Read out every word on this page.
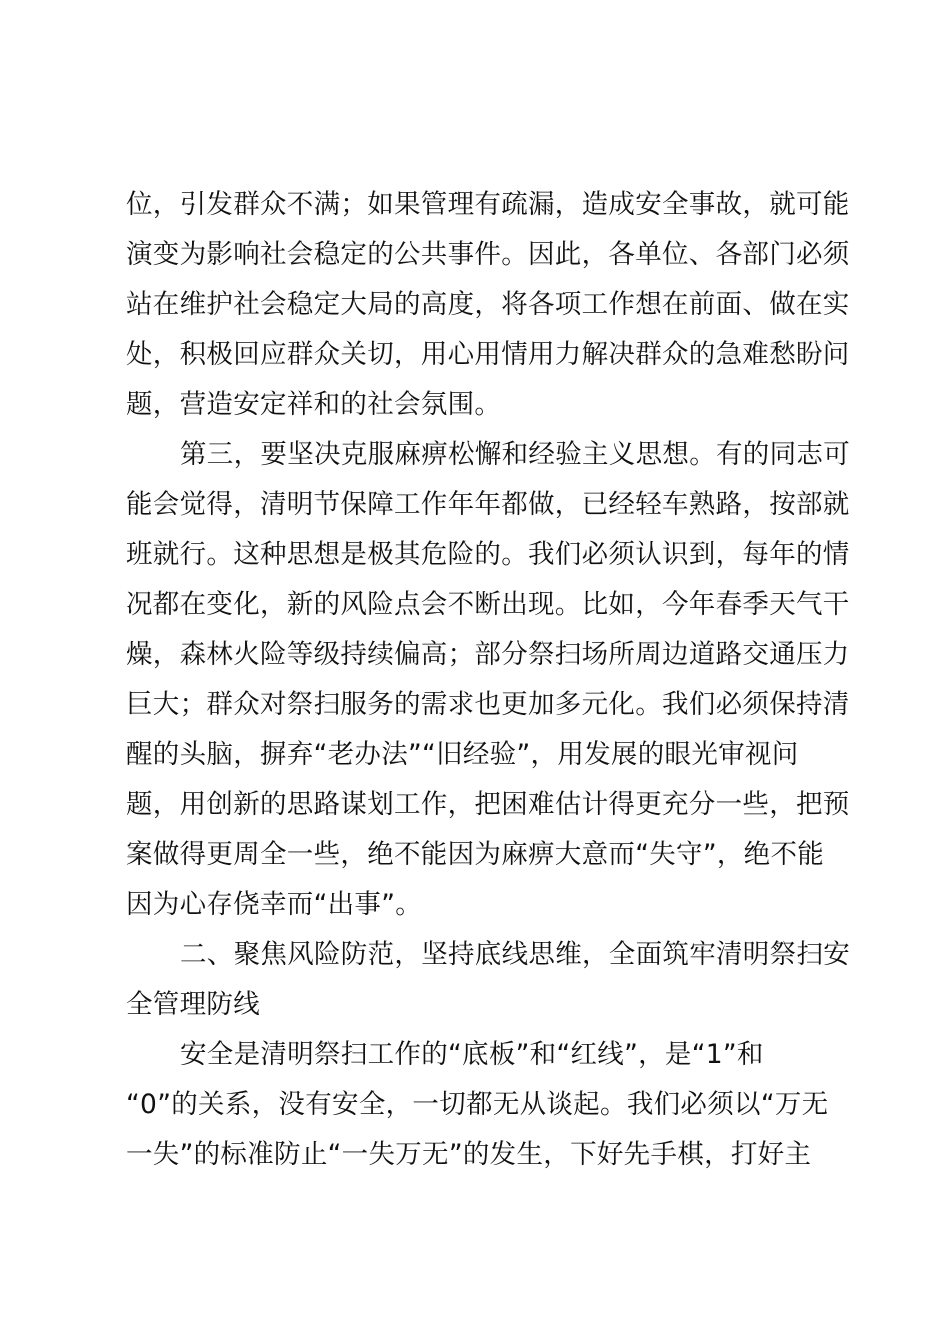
位，引发群众不满；如果管理有疏漏，造成安全事故，就可能
演变为影响社会稳定的公共事件。因此，各单位、各部门必须
站在维护社会稳定大局的高度，将各项工作想在前面、做在实
处，积极回应群众关切，用心用情用力解决群众的急难愁盼问
题，营造安定祥和的社会氛围。
第三，要坚决克服麻痹松懈和经验主义思想。有的同志可
能会觉得，清明节保障工作年年都做，已经轻车熟路，按部就
班就行。这种思想是极其危险的。我们必须认识到，每年的情
况都在变化，新的风险点会不断出现。比如，今年春季天气干
燥，森林火险等级持续偏高；部分祭扫场所周边道路交通压力
巨大；群众对祭扫服务的需求也更加多元化。我们必须保持清
醒的头脑，摒弃“老办法”“旧经验”，用发展的眼光审视问
题，用创新的思路谋划工作，把困难估计得更充分一些，把预
案做得更周全一些，绝不能因为麻痹大意而“失守”，绝不能
因为心存侥幸而“出事”。
二、聚焦风险防范，坚持底线思维，全面筑牢清明祭扫安
全管理防线
安全是清明祭扫工作的“底板”和“红线”，是“1”和
“0”的关系，没有安全，一切都无从谈起。我们必须以“万无
一失”的标准防止“一失万无”的发生，下好先手棋，打好主
